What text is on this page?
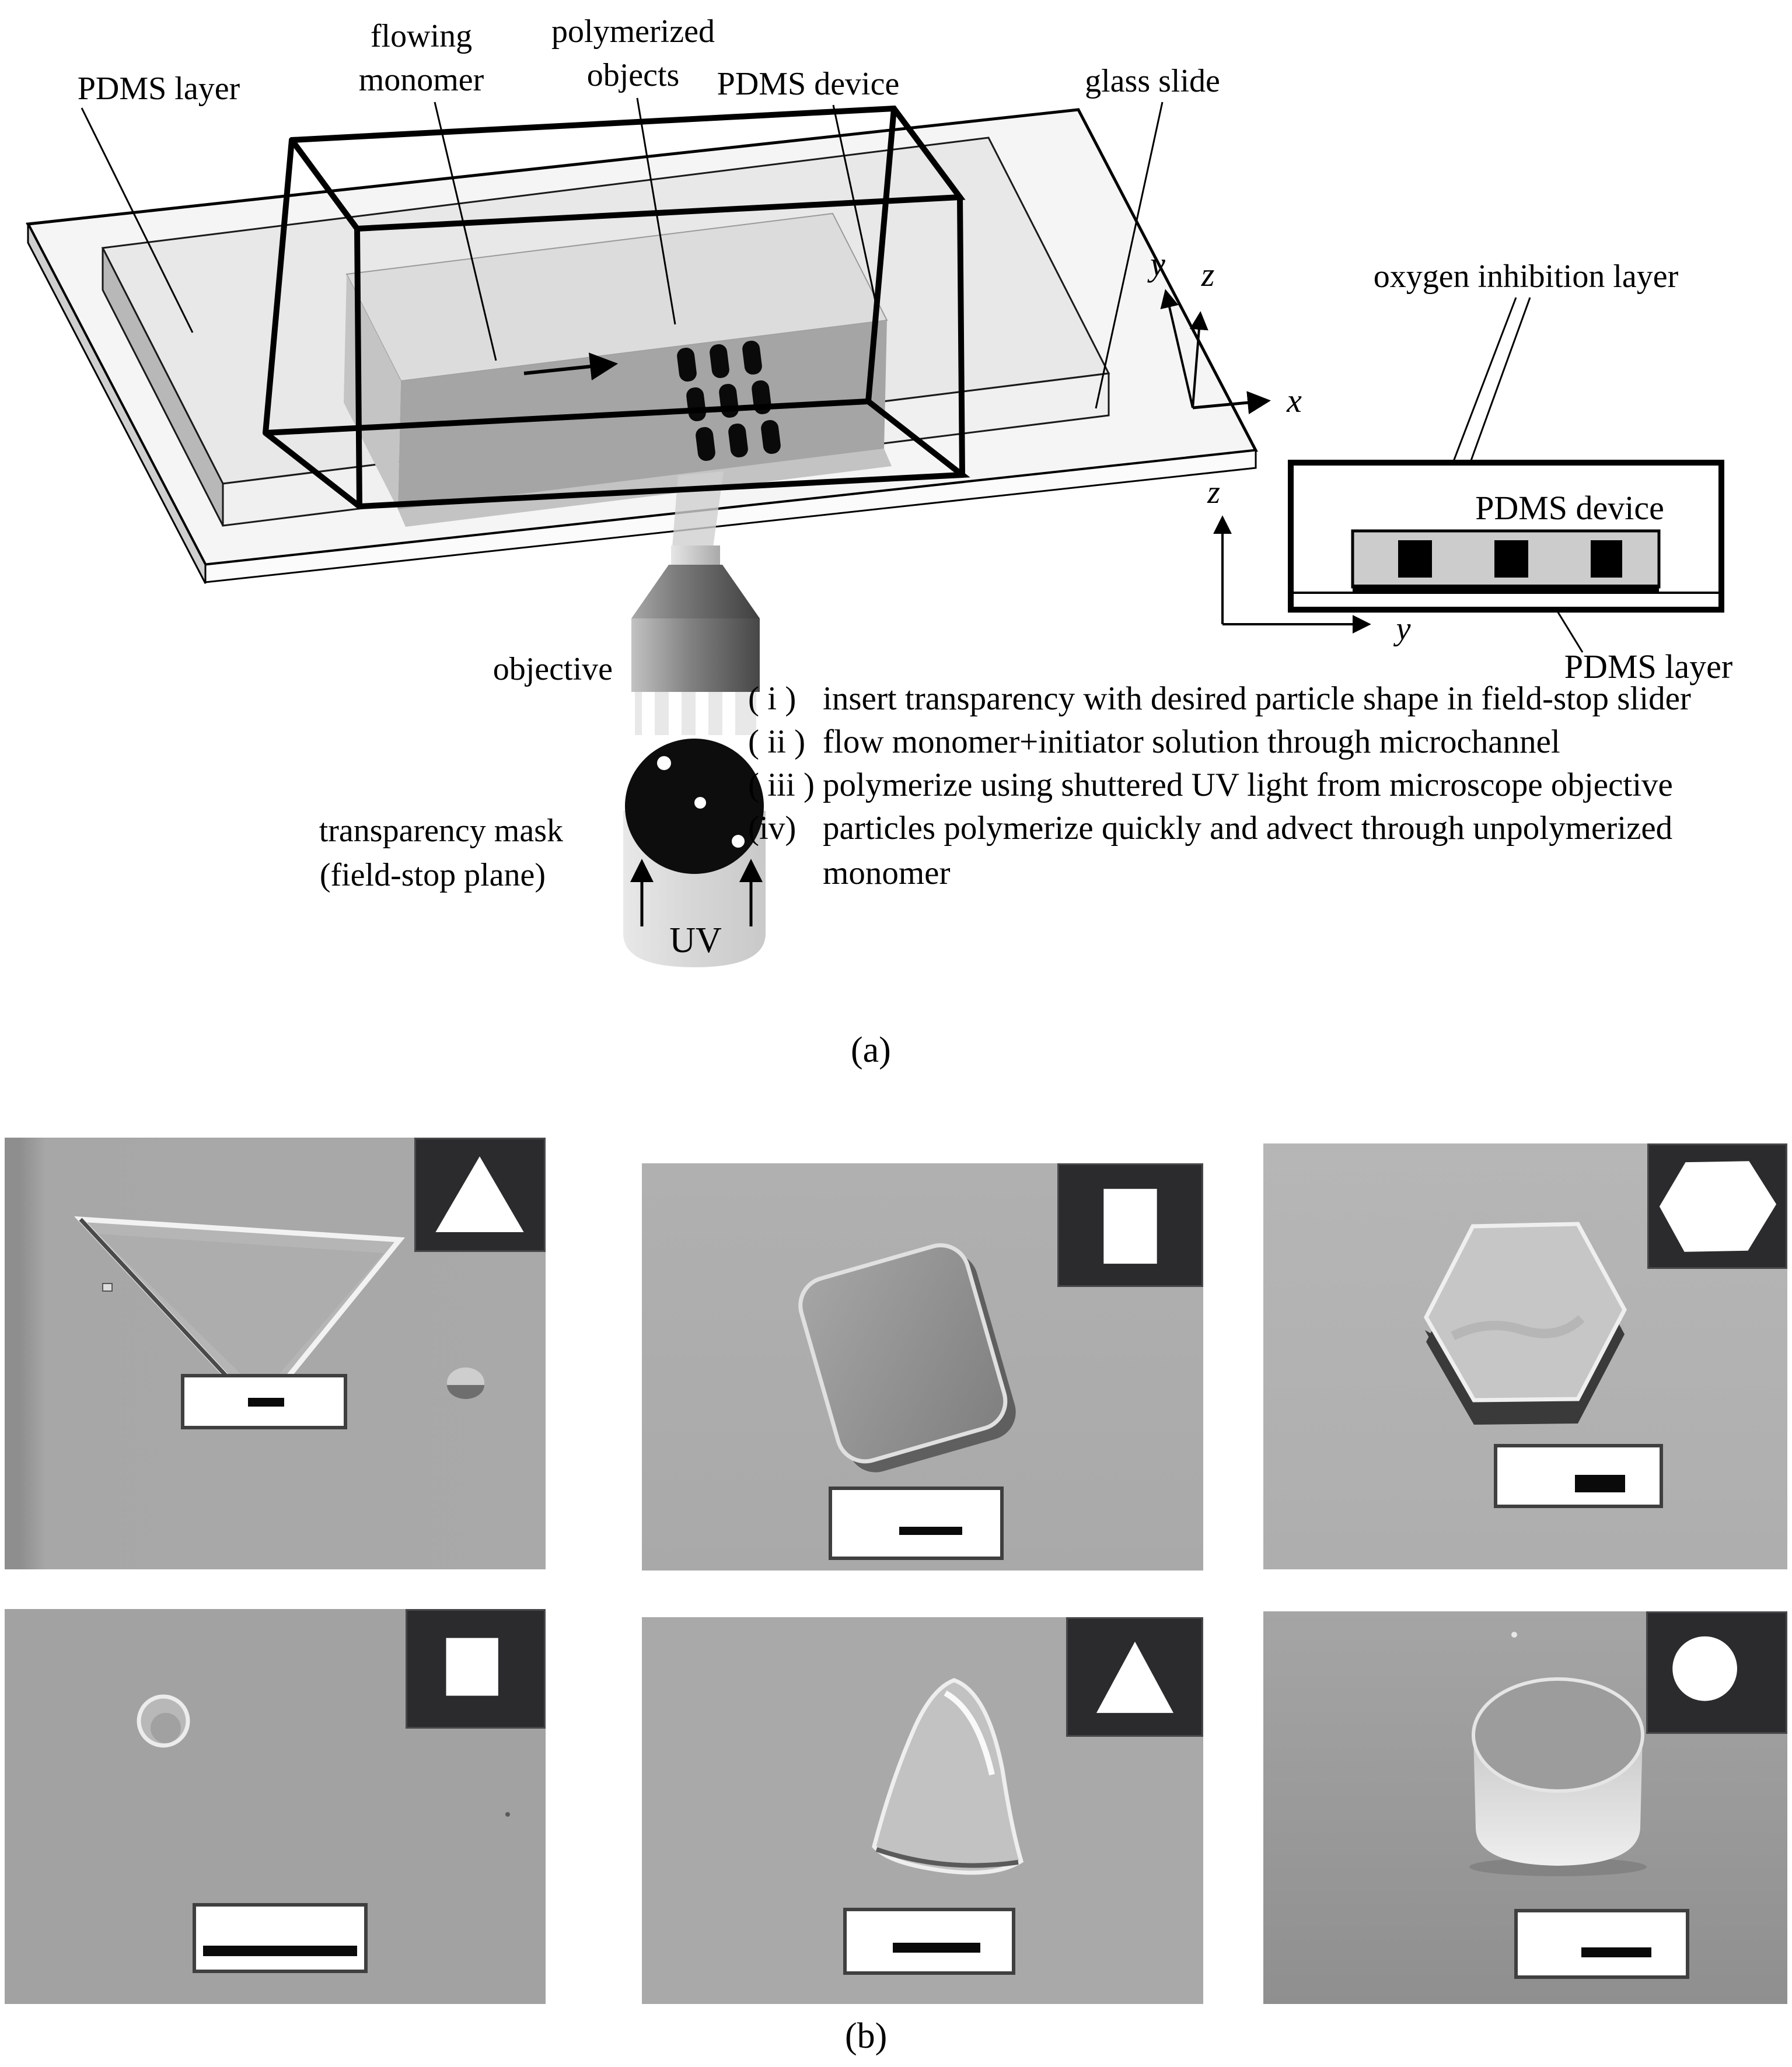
UV
PDMS layer
flowing
monomer
polymerized
objects PDMS device	glass slide
objective
transparency mask
(field-stop plane)
oxygen inhibition layer
y z
x
PDMS device
PDMS layer
z
y
( i ) insert transparency with desired particle shape in field-stop slider
( ii ) flow monomer+initiator solution through microchannel
( iii ) polymerize using shuttered UV light from microscope objective
(iv) particles polymerize quickly and advect through unpolymerized
monomer
(a)
(b)
